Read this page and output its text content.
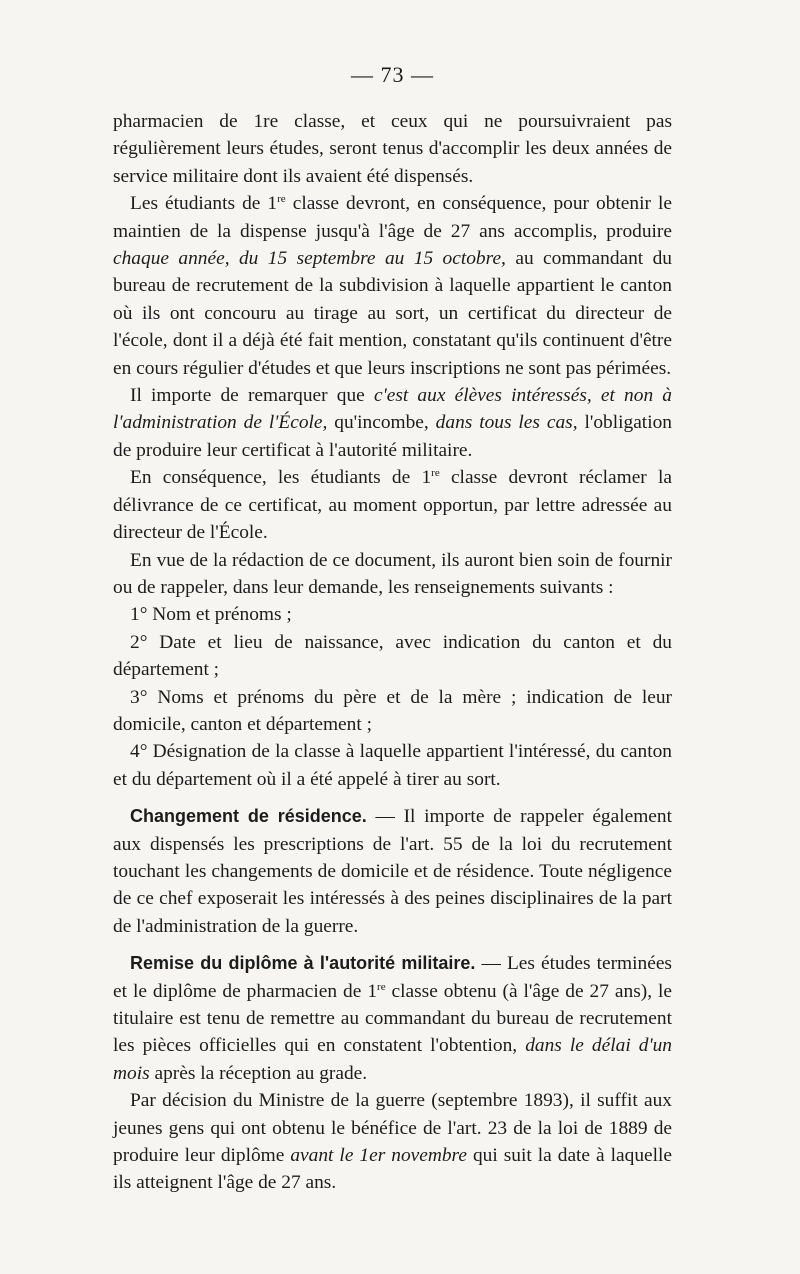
— 73 —

pharmacien de 1re classe, et ceux qui ne poursuivraient pas régulièrement leurs études, seront tenus d'accomplir les deux années de service militaire dont ils avaient été dispensés.

Les étudiants de 1re classe devront, en conséquence, pour obtenir le maintien de la dispense jusqu'à l'âge de 27 ans accomplis, produire chaque année, du 15 septembre au 15 octobre, au commandant du bureau de recrutement de la subdivision à laquelle appartient le canton où ils ont concouru au tirage au sort, un certificat du directeur de l'école, dont il a déjà été fait mention, constatant qu'ils continuent d'être en cours régulier d'études et que leurs inscriptions ne sont pas périmées.

Il importe de remarquer que c'est aux élèves intéressés, et non à l'administration de l'École, qu'incombe, dans tous les cas, l'obligation de produire leur certificat à l'autorité militaire.

En conséquence, les étudiants de 1re classe devront réclamer la délivrance de ce certificat, au moment opportun, par lettre adressée au directeur de l'École.

En vue de la rédaction de ce document, ils auront bien soin de fournir ou de rappeler, dans leur demande, les renseignements suivants :

1° Nom et prénoms ;

2° Date et lieu de naissance, avec indication du canton et du département ;

3° Noms et prénoms du père et de la mère ; indication de leur domicile, canton et département ;

4° Désignation de la classe à laquelle appartient l'intéressé, du canton et du département où il a été appelé à tirer au sort.

Changement de résidence. — Il importe de rappeler également aux dispensés les prescriptions de l'art. 55 de la loi du recrutement touchant les changements de domicile et de résidence. Toute négligence de ce chef exposerait les intéressés à des peines disciplinaires de la part de l'administration de la guerre.

Remise du diplôme à l'autorité militaire. — Les études terminées et le diplôme de pharmacien de 1re classe obtenu (à l'âge de 27 ans), le titulaire est tenu de remettre au commandant du bureau de recrutement les pièces officielles qui en constatent l'obtention, dans le délai d'un mois après la réception au grade.

Par décision du Ministre de la guerre (septembre 1893), il suffit aux jeunes gens qui ont obtenu le bénéfice de l'art. 23 de la loi de 1889 de produire leur diplôme avant le 1er novembre qui suit la date à laquelle ils atteignent l'âge de 27 ans.
